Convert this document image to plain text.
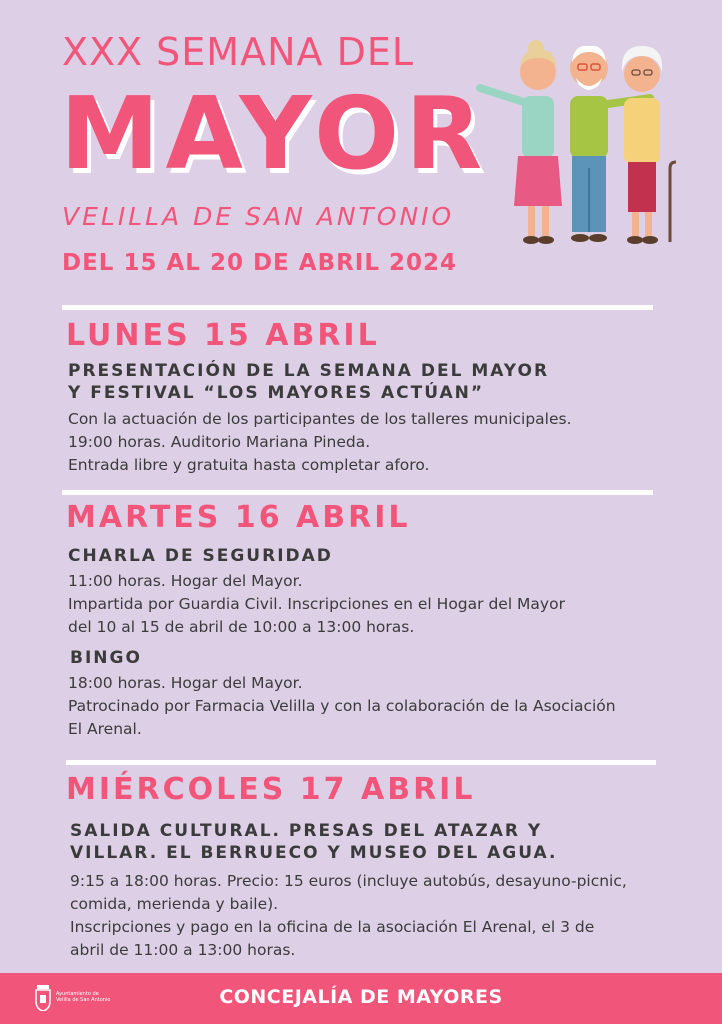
XXX SEMANA DEL
MAYOR
VELILLA DE SAN ANTONIO
DEL 15 AL 20 DE ABRIL 2024
LUNES 15 ABRIL
PRESENTACIÓN DE LA SEMANA DEL MAYOR
Y FESTIVAL “LOS MAYORES ACTÚAN”
Con la actuación de los participantes de los talleres municipales.
19:00 horas. Auditorio Mariana Pineda.
Entrada libre y gratuita hasta completar aforo.
MARTES 16 ABRIL
CHARLA DE SEGURIDAD
11:00 horas. Hogar del Mayor.
Impartida por Guardia Civil. Inscripciones en el Hogar del Mayor
del 10 al 15 de abril de 10:00 a 13:00 horas.
BINGO
18:00 horas. Hogar del Mayor.
Patrocinado por Farmacia Velilla y con la colaboración de la Asociación
El Arenal.
MIÉRCOLES 17 ABRIL
SALIDA CULTURAL. PRESAS DEL ATAZAR Y
VILLAR. EL BERRUECO Y MUSEO DEL AGUA.
9:15 a 18:00 horas. Precio: 15 euros (incluye autobús, desayuno-picnic,
comida, merienda y baile).
Inscripciones y pago en la oficina de la asociación El Arenal, el 3 de
abril de 11:00 a 13:00 horas.
Ayuntamiento de
Velilla de San Antonio	CONCEJALÍA DE MAYORES
